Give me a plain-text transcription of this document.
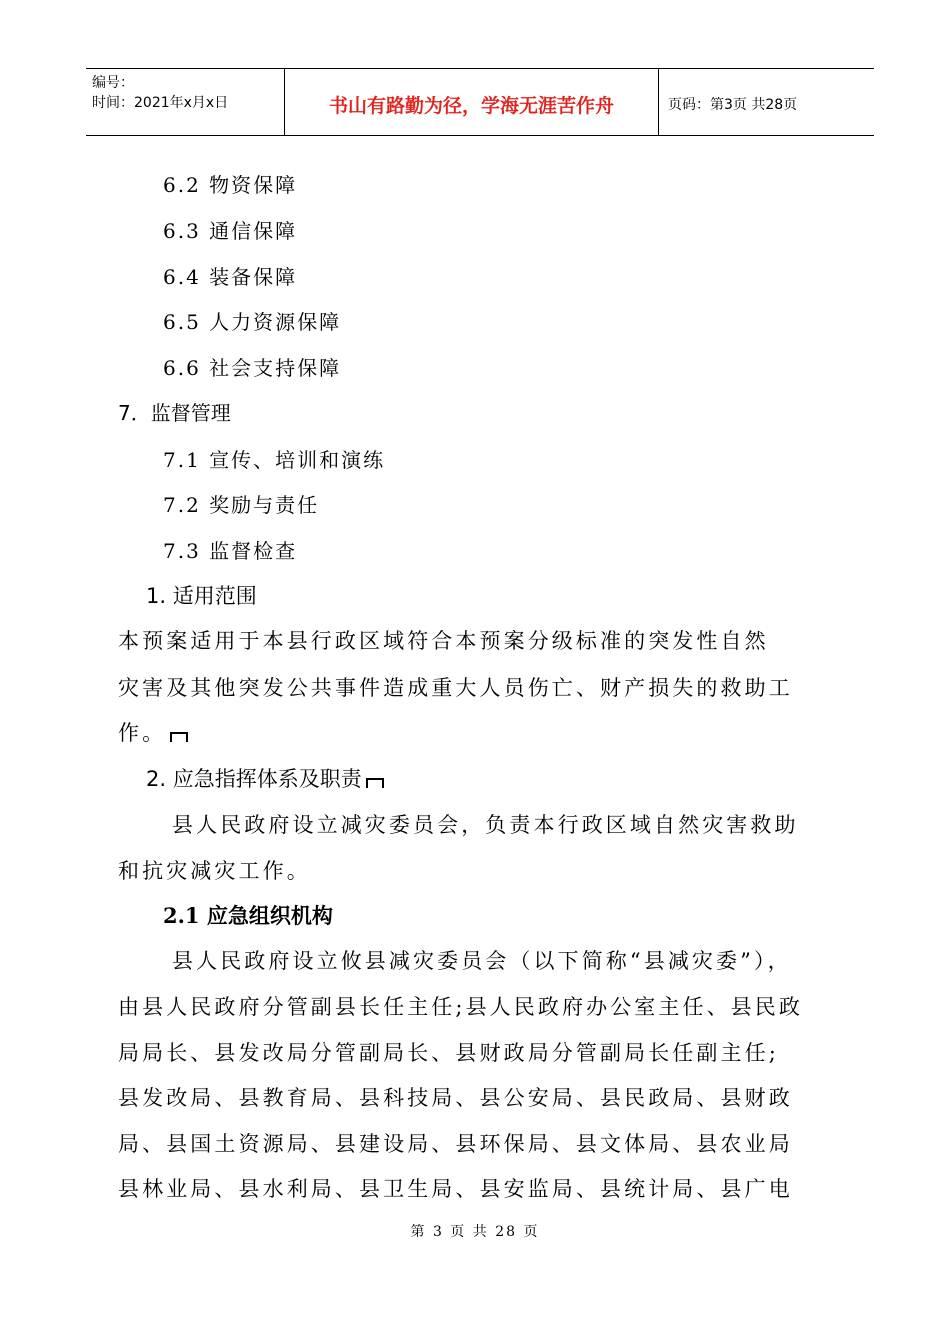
编号：
时间：2021年x月x日	书山有路勤为径，学海无涯苦作舟	页码：第3页 共28页
6.2 物资保障
6.3 通信保障
6.4 装备保障
6.5 人力资源保障
6.6 社会支持保障
7．监督管理
7.1 宣传、培训和演练
7.2 奖励与责任
7.3 监督检查
1. 适用范围
本预案适用于本县行政区域符合本预案分级标准的突发性自然
灾害及其他突发公共事件造成重大人员伤亡、财产损失的救助工
作。
2. 应急指挥体系及职责
县人民政府设立减灾委员会，负责本行政区域自然灾害救助
和抗灾减灾工作。
2.1 应急组织机构
县人民政府设立攸县减灾委员会（以下简称“县减灾委”），
由县人民政府分管副县长任主任;县人民政府办公室主任、县民政
局局长、县发改局分管副局长、县财政局分管副局长任副主任;
县发改局、县教育局、县科技局、县公安局、县民政局、县财政
局、县国土资源局、县建设局、县环保局、县文体局、县农业局
县林业局、县水利局、县卫生局、县安监局、县统计局、县广电
第 3 页 共 28 页
